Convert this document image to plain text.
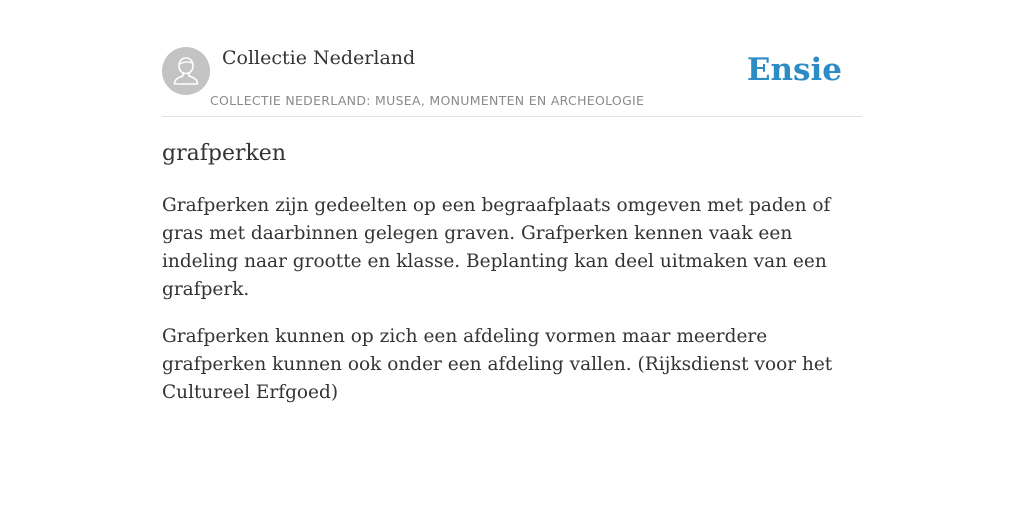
Collectie Nederland
COLLECTIE NEDERLAND: MUSEA, MONUMENTEN EN ARCHEOLOGIE
Ensie
grafperken

Grafperken zijn gedeelten op een begraafplaats omgeven met paden of gras met daarbinnen gelegen graven. Grafperken kennen vaak een indeling naar grootte en klasse. Beplanting kan deel uitmaken van een grafperk.

Grafperken kunnen op zich een afdeling vormen maar meerdere grafperken kunnen ook onder een afdeling vallen. (Rijksdienst voor het Cultureel Erfgoed)
